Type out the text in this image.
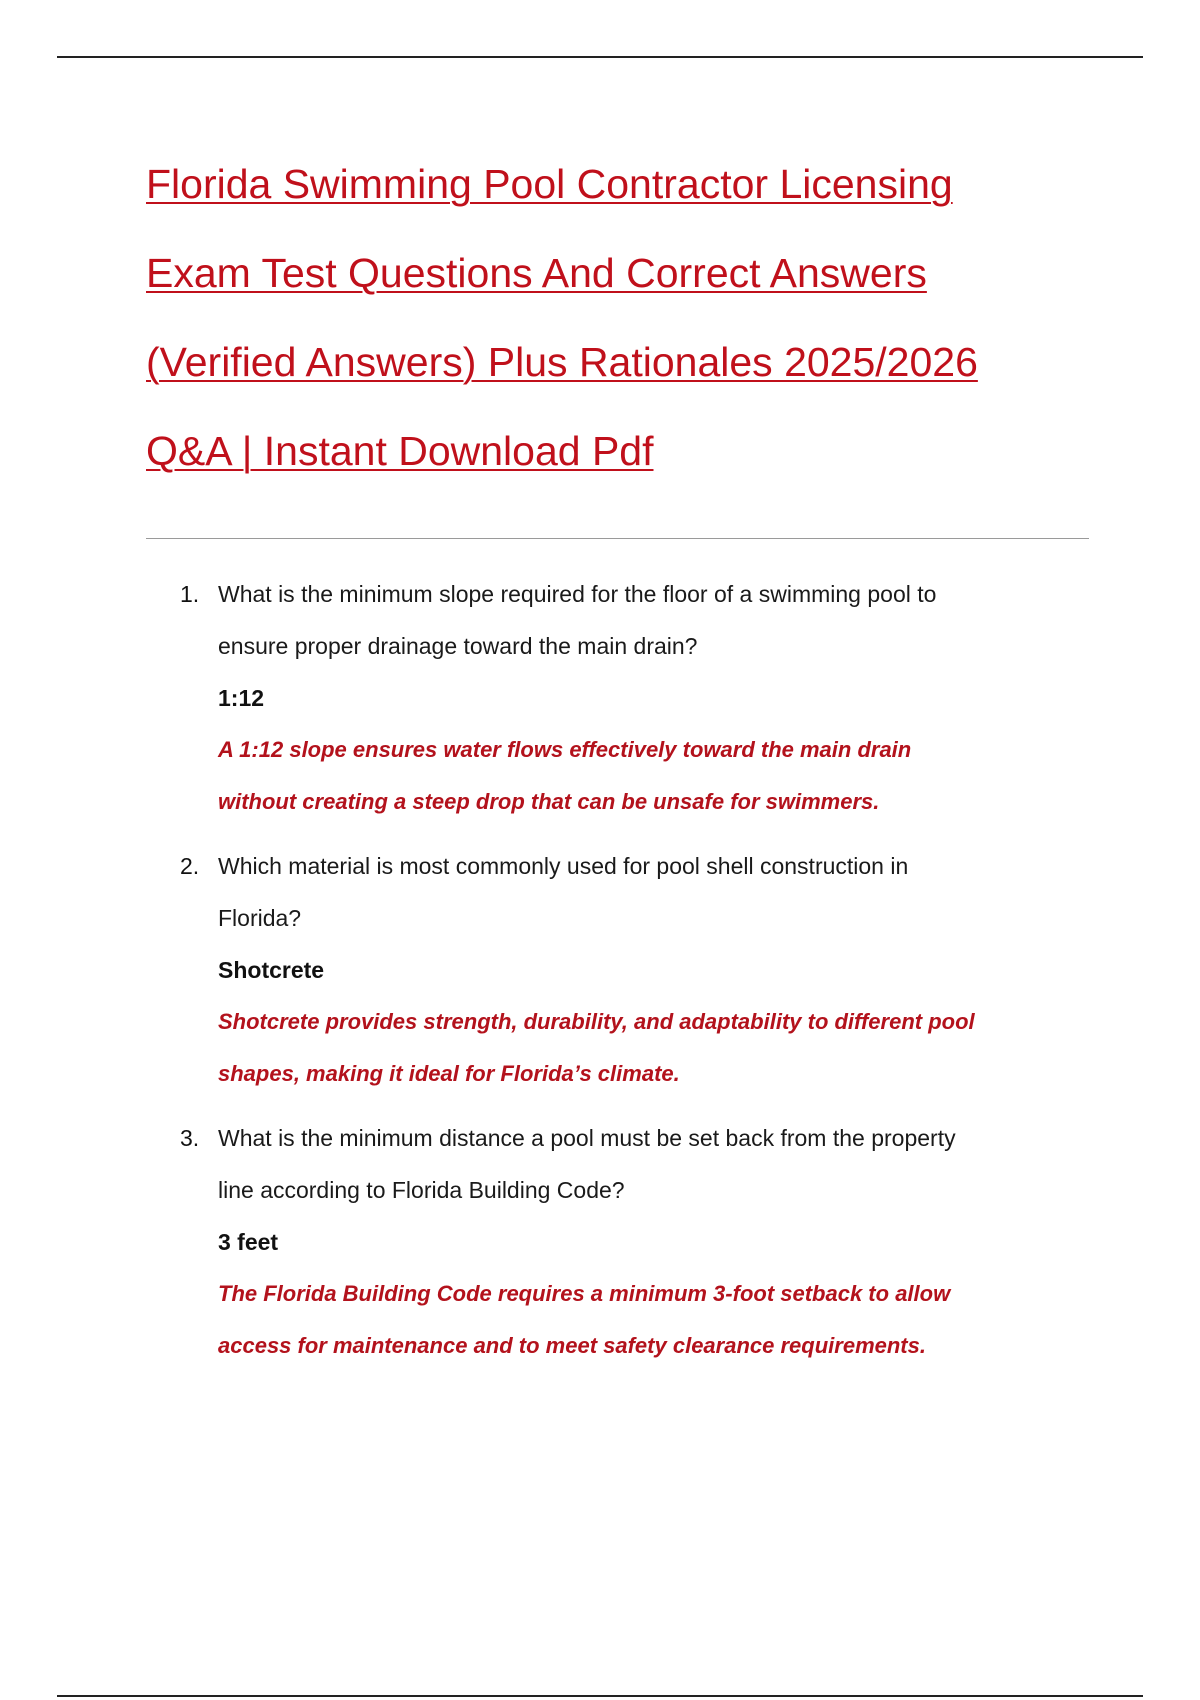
Florida Swimming Pool Contractor Licensing
Exam Test Questions And Correct Answers
(Verified Answers) Plus Rationales 2025/2026
Q&A | Instant Download Pdf
1. What is the minimum slope required for the floor of a swimming pool to
ensure proper drainage toward the main drain?
1:12
A 1:12 slope ensures water flows effectively toward the main drain
without creating a steep drop that can be unsafe for swimmers.
2. Which material is most commonly used for pool shell construction in
Florida?
Shotcrete
Shotcrete provides strength, durability, and adaptability to different pool
shapes, making it ideal for Florida’s climate.
3. What is the minimum distance a pool must be set back from the property
line according to Florida Building Code?
3 feet
The Florida Building Code requires a minimum 3-foot setback to allow
access for maintenance and to meet safety clearance requirements.
